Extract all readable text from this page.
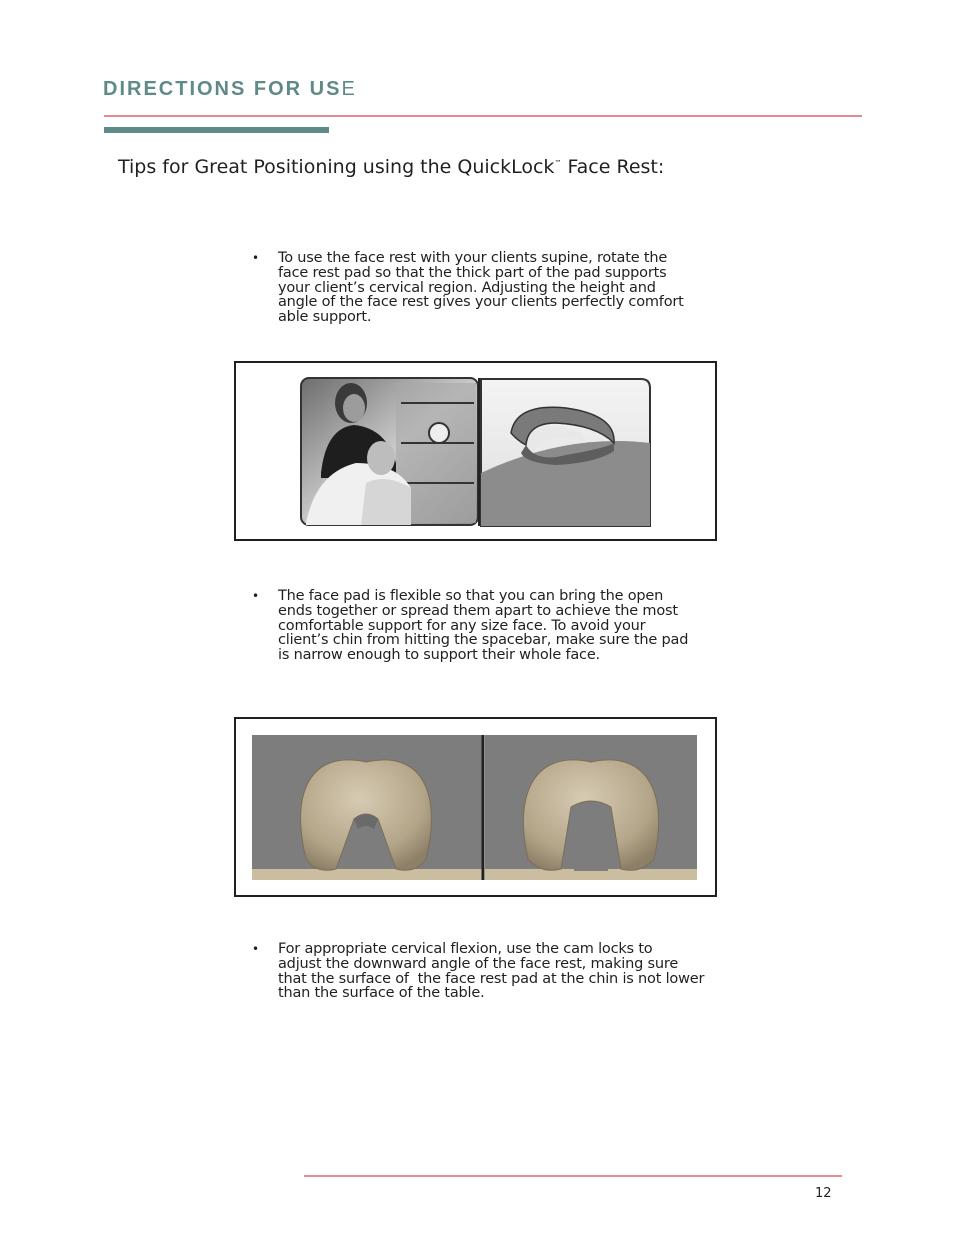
DIRECTIONS FOR USE
Tips for Great Positioning using the QuickLock™ Face Rest:
• To use the face rest with your clients supine, rotate the
face rest pad so that the thick part of the pad supports
your client’s cervical region. Adjusting the height and
angle of the face rest gives your clients perfectly comfort
able support.
• The face pad is flexible so that you can bring the open
ends together or spread them apart to achieve the most
comfortable support for any size face. To avoid your
client’s chin from hitting the spacebar, make sure the pad
is narrow enough to support their whole face.
• For appropriate cervical flexion, use the cam locks to
adjust the downward angle of the face rest, making sure
that the surface of  the face rest pad at the chin is not lower
than the surface of the table.
12
